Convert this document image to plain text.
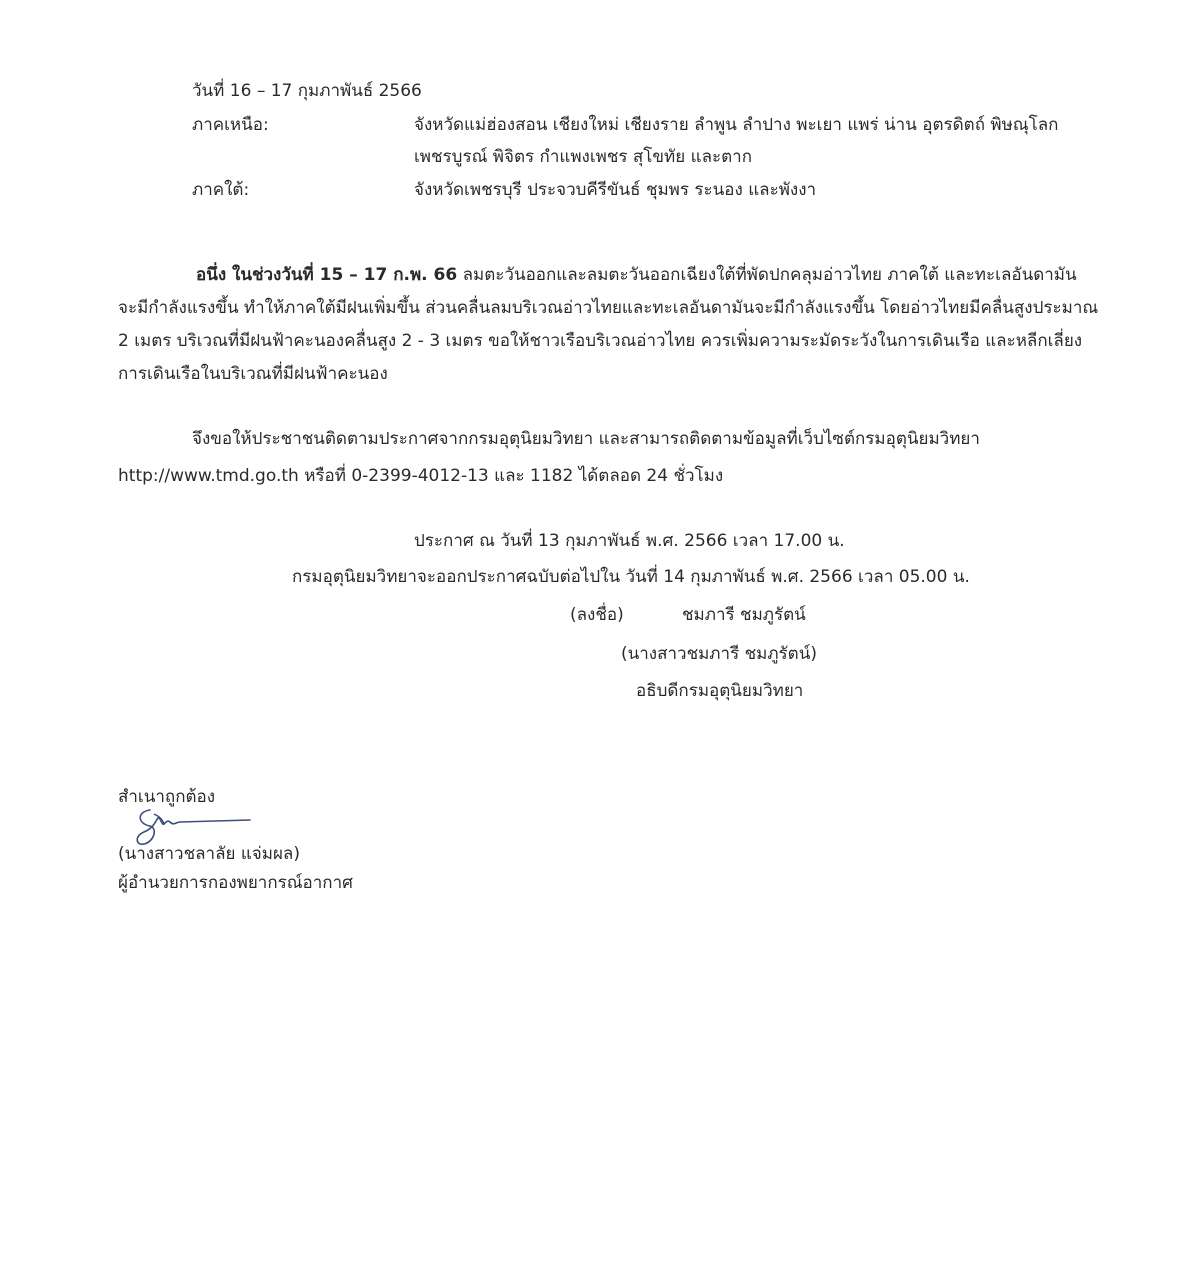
วันที่ 16 – 17 กุมภาพันธ์ 2566
ภาคเหนือ:	จังหวัดแม่ฮ่องสอน เชียงใหม่ เชียงราย ลำพูน ลำปาง พะเยา แพร่ น่าน อุตรดิตถ์ พิษณุโลก
เพชรบูรณ์ พิจิตร กำแพงเพชร สุโขทัย และตาก
ภาคใต้:	จังหวัดเพชรบุรี ประจวบคีรีขันธ์ ชุมพร ระนอง และพังงา
อนึ่ง ในช่วงวันที่ 15 – 17 ก.พ. 66 ลมตะวันออกและลมตะวันออกเฉียงใต้ที่พัดปกคลุมอ่าวไทย ภาคใต้ และทะเลอันดามัน
จะมีกำลังแรงขึ้น ทำให้ภาคใต้มีฝนเพิ่มขึ้น ส่วนคลื่นลมบริเวณอ่าวไทยและทะเลอันดามันจะมีกำลังแรงขึ้น โดยอ่าวไทยมีคลื่นสูงประมาณ
2 เมตร บริเวณที่มีฝนฟ้าคะนองคลื่นสูง 2 - 3 เมตร ขอให้ชาวเรือบริเวณอ่าวไทย ควรเพิ่มความระมัดระวังในการเดินเรือ และหลีกเลี่ยง
การเดินเรือในบริเวณที่มีฝนฟ้าคะนอง
จึงขอให้ประชาชนติดตามประกาศจากกรมอุตุนิยมวิทยา และสามารถติดตามข้อมูลที่เว็บไซต์กรมอุตุนิยมวิทยา
http://www.tmd.go.th หรือที่ 0-2399-4012-13 และ 1182 ได้ตลอด 24 ชั่วโมง
ประกาศ ณ วันที่ 13 กุมภาพันธ์ พ.ศ. 2566 เวลา 17.00 น.
กรมอุตุนิยมวิทยาจะออกประกาศฉบับต่อไปใน วันที่ 14 กุมภาพันธ์ พ.ศ. 2566 เวลา 05.00 น.
(ลงชื่อ)	ชมภารี ชมภูรัตน์
(นางสาวชมภารี ชมภูรัตน์)
อธิบดีกรมอุตุนิยมวิทยา
สำเนาถูกต้อง
(นางสาวชลาลัย แจ่มผล)
ผู้อำนวยการกองพยากรณ์อากาศ
